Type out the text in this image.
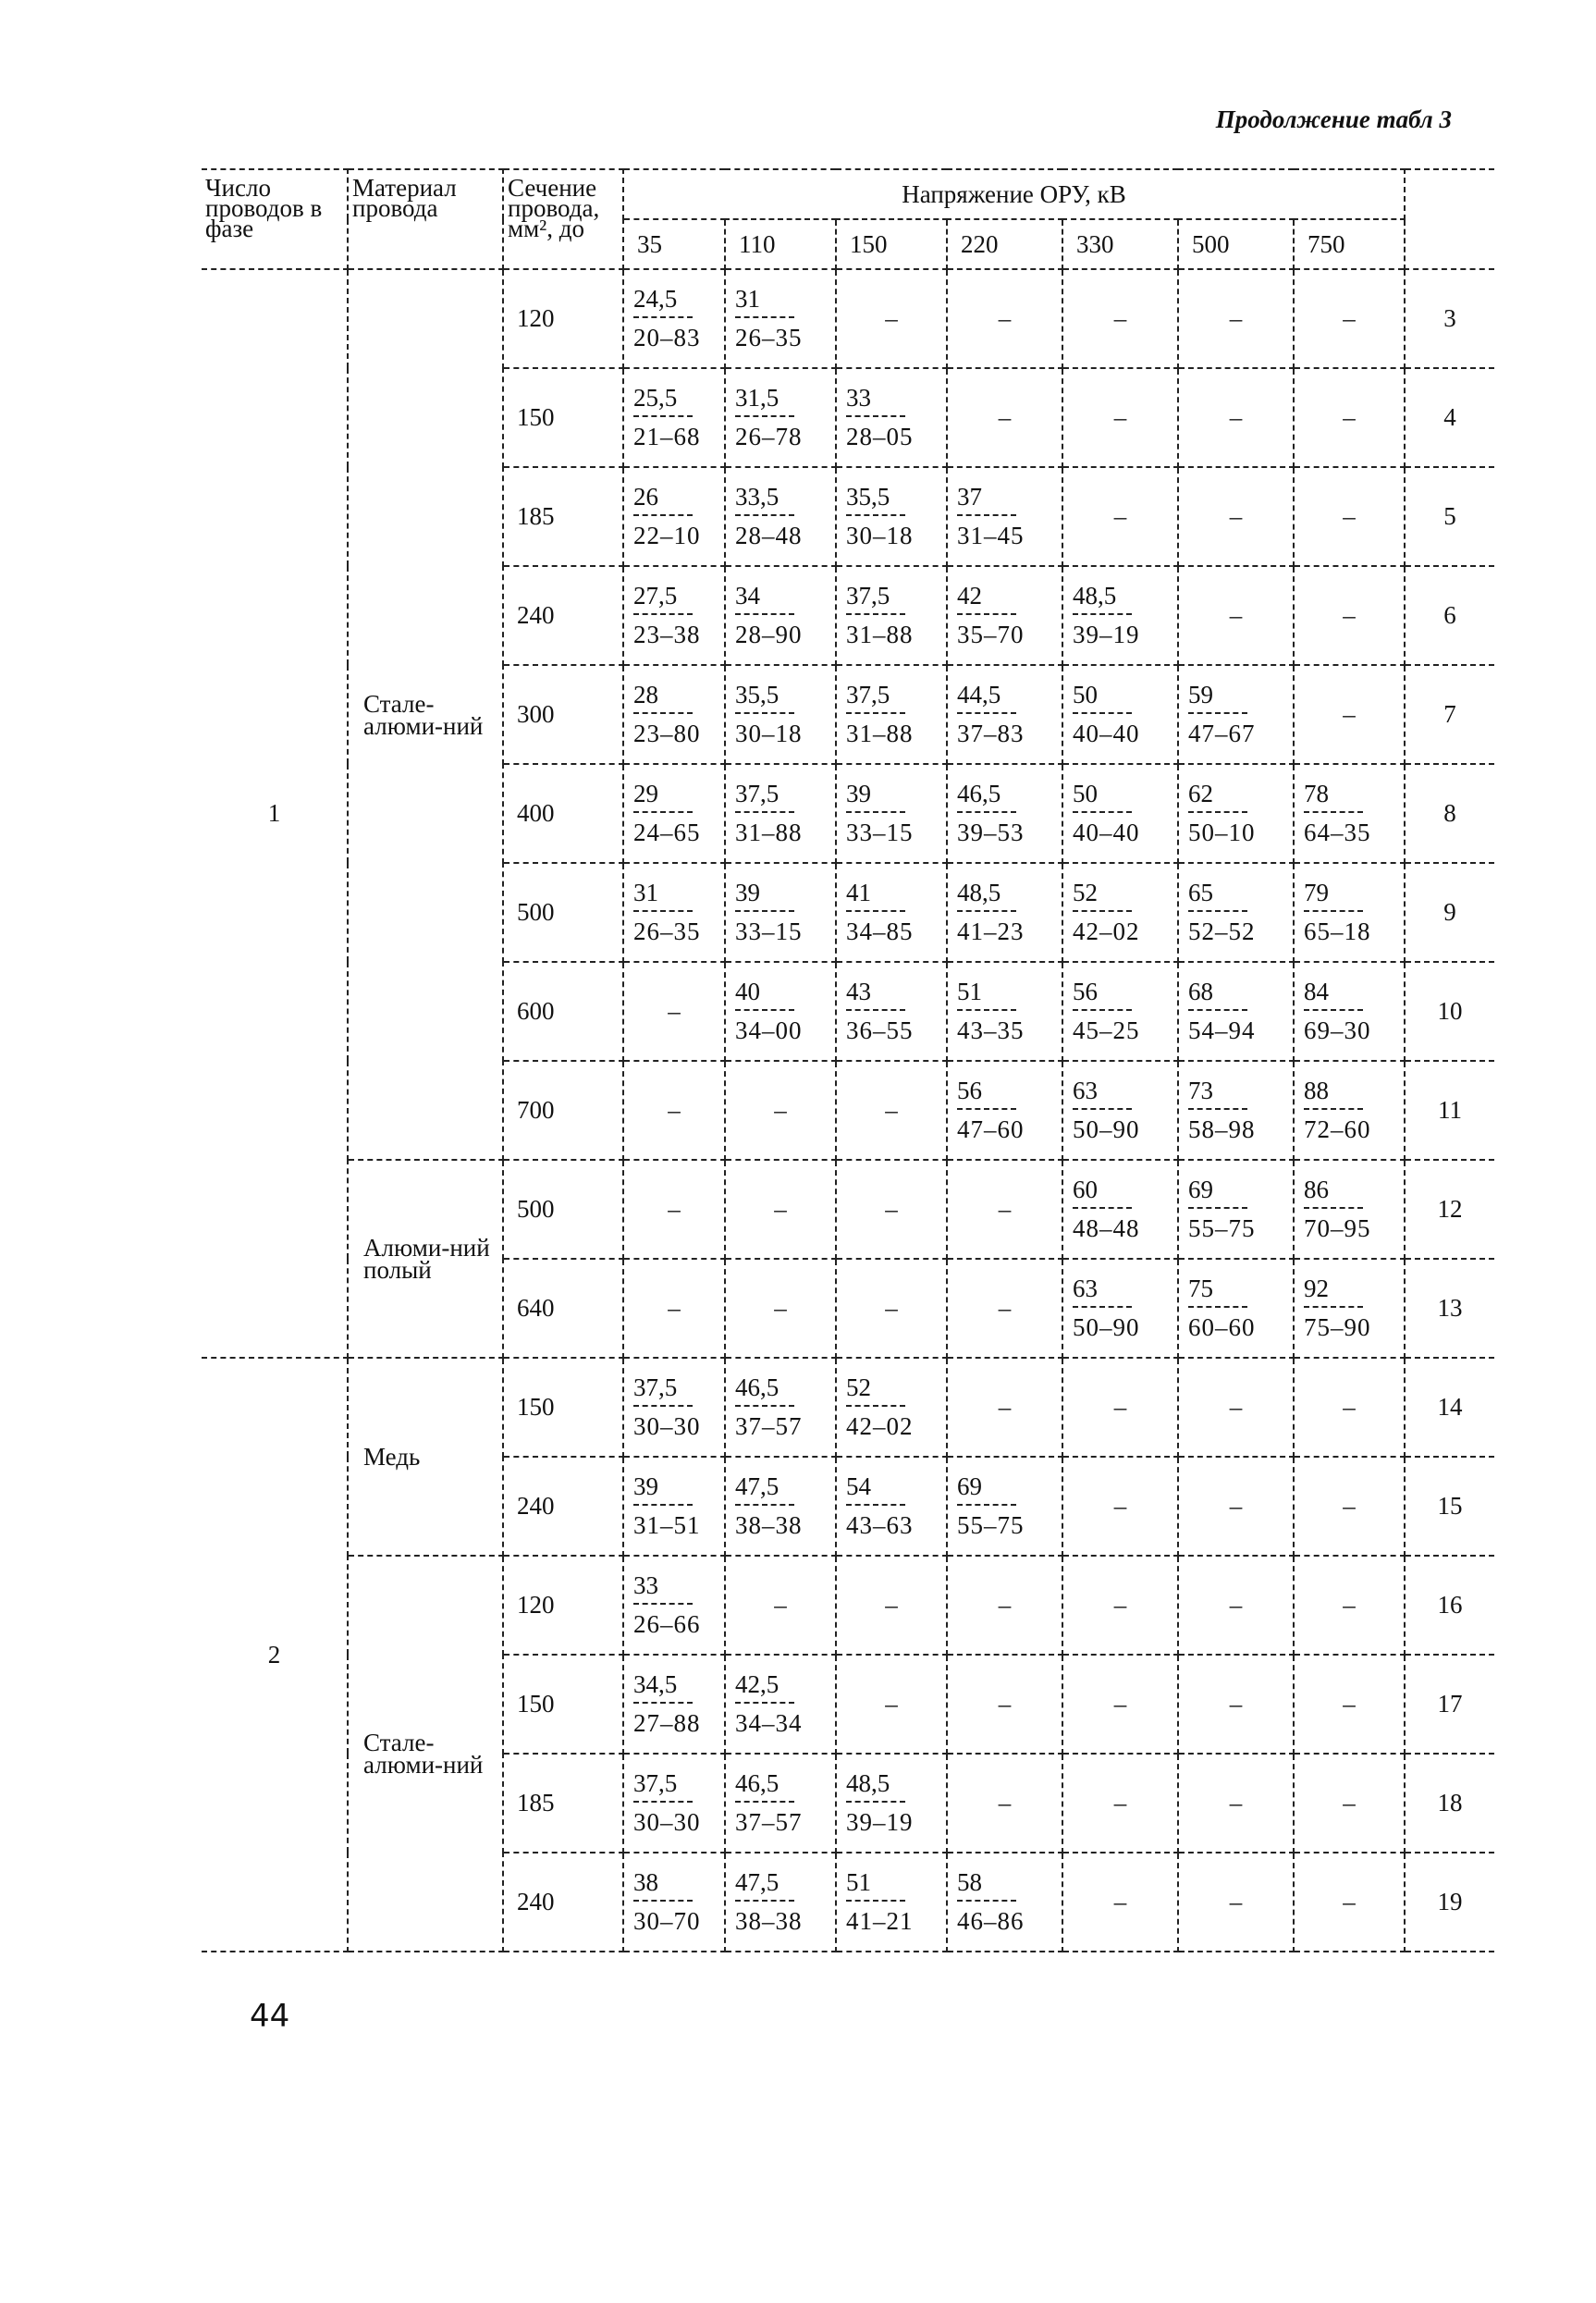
Продолжение табл 3
Число проводов в фазе	Материал провода	Сечение провода, мм², до	Напряжение ОРУ, кВ							
			35	110	150	220	330	500	750	
1	Стале-алюми-ний	120	$\frac{24,5}{20-83}$	$\frac{31}{26-35}$	–	–	–	–	–	3
		150	$\frac{25,5}{21-68}$	$\frac{31,5}{26-78}$	$\frac{33}{28-05}$	–	–	–	–	4
		185	$\frac{26}{22-10}$	$\frac{33,5}{28-48}$	$\frac{35,5}{30-18}$	$\frac{37}{31-45}$	–	–	–	5
		240	$\frac{27,5}{23-38}$	$\frac{34}{28-90}$	$\frac{37,5}{31-88}$	$\frac{42}{35-70}$	$\frac{48,5}{39-19}$	–	–	6
		300	$\frac{28}{23-80}$	$\frac{35,5}{30-18}$	$\frac{37,5}{31-88}$	$\frac{44,5}{37-83}$	$\frac{50}{40-40}$	$\frac{59}{47-67}$	–	7
		400	$\frac{29}{24-65}$	$\frac{37,5}{31-88}$	$\frac{39}{33-15}$	$\frac{46,5}{39-53}$	$\frac{50}{40-40}$	$\frac{62}{50-10}$	$\frac{78}{64-35}$	8
		500	$\frac{31}{26-35}$	$\frac{39}{33-15}$	$\frac{41}{34-85}$	$\frac{48,5}{41-23}$	$\frac{52}{42-02}$	$\frac{65}{52-52}$	$\frac{79}{65-18}$	9
		600	–	$\frac{40}{34-00}$	$\frac{43}{36-55}$	$\frac{51}{43-35}$	$\frac{56}{45-25}$	$\frac{68}{54-94}$	$\frac{84}{69-30}$	10
		700	–	–	–	$\frac{56}{47-60}$	$\frac{63}{50-90}$	$\frac{73}{58-98}$	$\frac{88}{72-60}$	11
	Алюми-ний полый	500	–	–	–	–	$\frac{60}{48-48}$	$\frac{69}{55-75}$	$\frac{86}{70-95}$	12
		640	–	–	–	–	$\frac{63}{50-90}$	$\frac{75}{60-60}$	$\frac{92}{75-90}$	13
2	Медь	150	$\frac{37,5}{30-30}$	$\frac{46,5}{37-57}$	$\frac{52}{42-02}$	–	–	–	–	14
		240	$\frac{39}{31-51}$	$\frac{47,5}{38-38}$	$\frac{54}{43-63}$	$\frac{69}{55-75}$	–	–	–	15
	Стале-алюми-ний	120	$\frac{33}{26-66}$	–	–	–	–	–	–	16
		150	$\frac{34,5}{27-88}$	$\frac{42,5}{34-34}$	–	–	–	–	–	17
		185	$\frac{37,5}{30-30}$	$\frac{46,5}{37-57}$	$\frac{48,5}{39-19}$	–	–	–	–	18
		240	$\frac{38}{30-70}$	$\frac{47,5}{38-38}$	$\frac{51}{41-21}$	$\frac{58}{46-86}$	–	–	–	19
44
